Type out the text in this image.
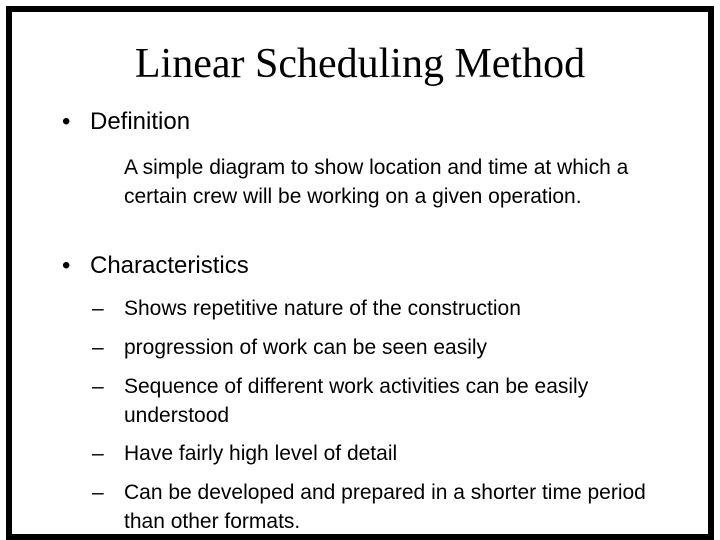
Linear Scheduling Method
• Definition
A simple diagram to show location and time at which a certain crew will be working on a given operation.
• Characteristics
– Shows repetitive nature of the construction
– progression of work can be seen easily
– Sequence of different work activities can be easily understood
– Have fairly high level of detail
– Can be developed and prepared in a shorter time period than other formats.
